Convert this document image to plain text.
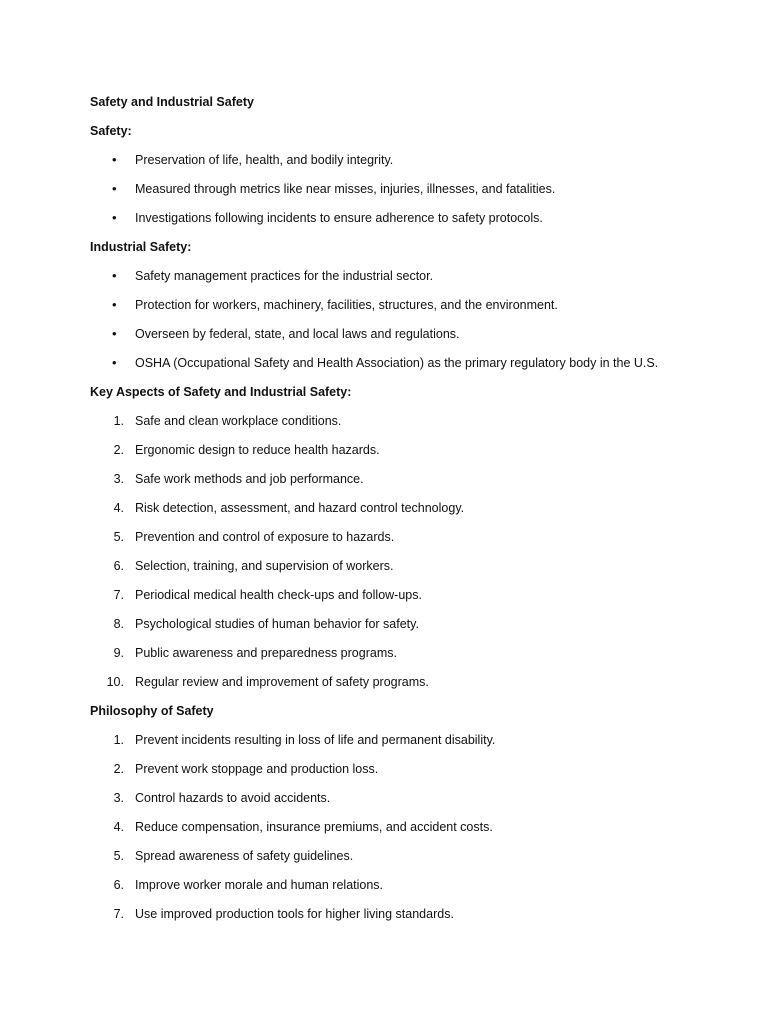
Safety and Industrial Safety
Safety:
•	Preservation of life, health, and bodily integrity.
•	Measured through metrics like near misses, injuries, illnesses, and fatalities.
•	Investigations following incidents to ensure adherence to safety protocols.
Industrial Safety:
•	Safety management practices for the industrial sector.
•	Protection for workers, machinery, facilities, structures, and the environment.
•	Overseen by federal, state, and local laws and regulations.
•	OSHA (Occupational Safety and Health Association) as the primary regulatory body in the U.S.
Key Aspects of Safety and Industrial Safety:
1. Safe and clean workplace conditions.
2. Ergonomic design to reduce health hazards.
3. Safe work methods and job performance.
4. Risk detection, assessment, and hazard control technology.
5. Prevention and control of exposure to hazards.
6. Selection, training, and supervision of workers.
7. Periodical medical health check-ups and follow-ups.
8. Psychological studies of human behavior for safety.
9. Public awareness and preparedness programs.
10. Regular review and improvement of safety programs.
Philosophy of Safety
1. Prevent incidents resulting in loss of life and permanent disability.
2. Prevent work stoppage and production loss.
3. Control hazards to avoid accidents.
4. Reduce compensation, insurance premiums, and accident costs.
5. Spread awareness of safety guidelines.
6. Improve worker morale and human relations.
7. Use improved production tools for higher living standards.
